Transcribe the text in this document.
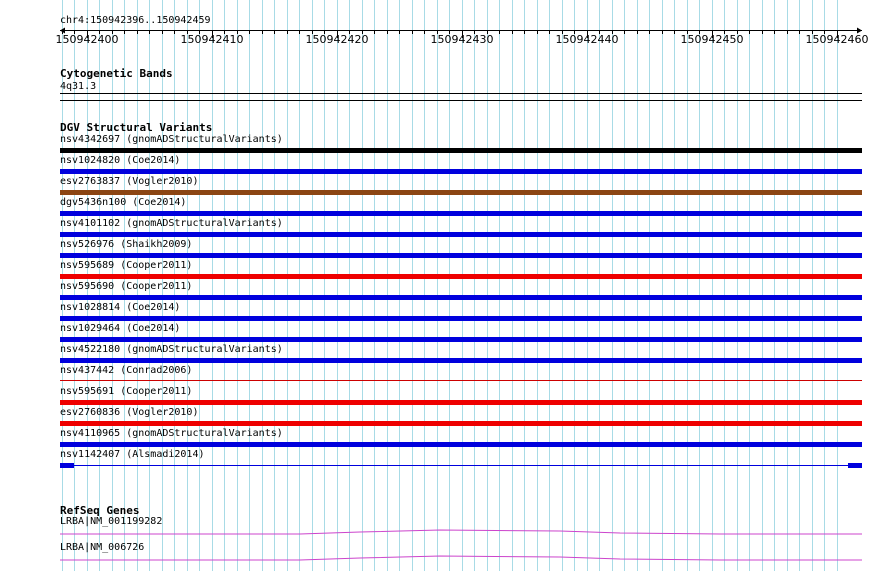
chr4:150942396..150942459
150942400	150942410	150942420	150942430	150942440	150942450	150942460
Cytogenetic Bands
4q31.3
DGV Structural Variants
nsv4342697 (gnomADStructuralVariants)
nsv1024820 (Coe2014)
esv2763837 (Vogler2010)
dgv5436n100 (Coe2014)
nsv4101102 (gnomADStructuralVariants)
nsv526976 (Shaikh2009)
nsv595689 (Cooper2011)
nsv595690 (Cooper2011)
nsv1028814 (Coe2014)
nsv1029464 (Coe2014)
nsv4522180 (gnomADStructuralVariants)
nsv437442 (Conrad2006)
nsv595691 (Cooper2011)
esv2760836 (Vogler2010)
nsv4110965 (gnomADStructuralVariants)
nsv1142407 (Alsmadi2014)
RefSeq Genes
LRBA|NM_001199282
LRBA|NM_006726
